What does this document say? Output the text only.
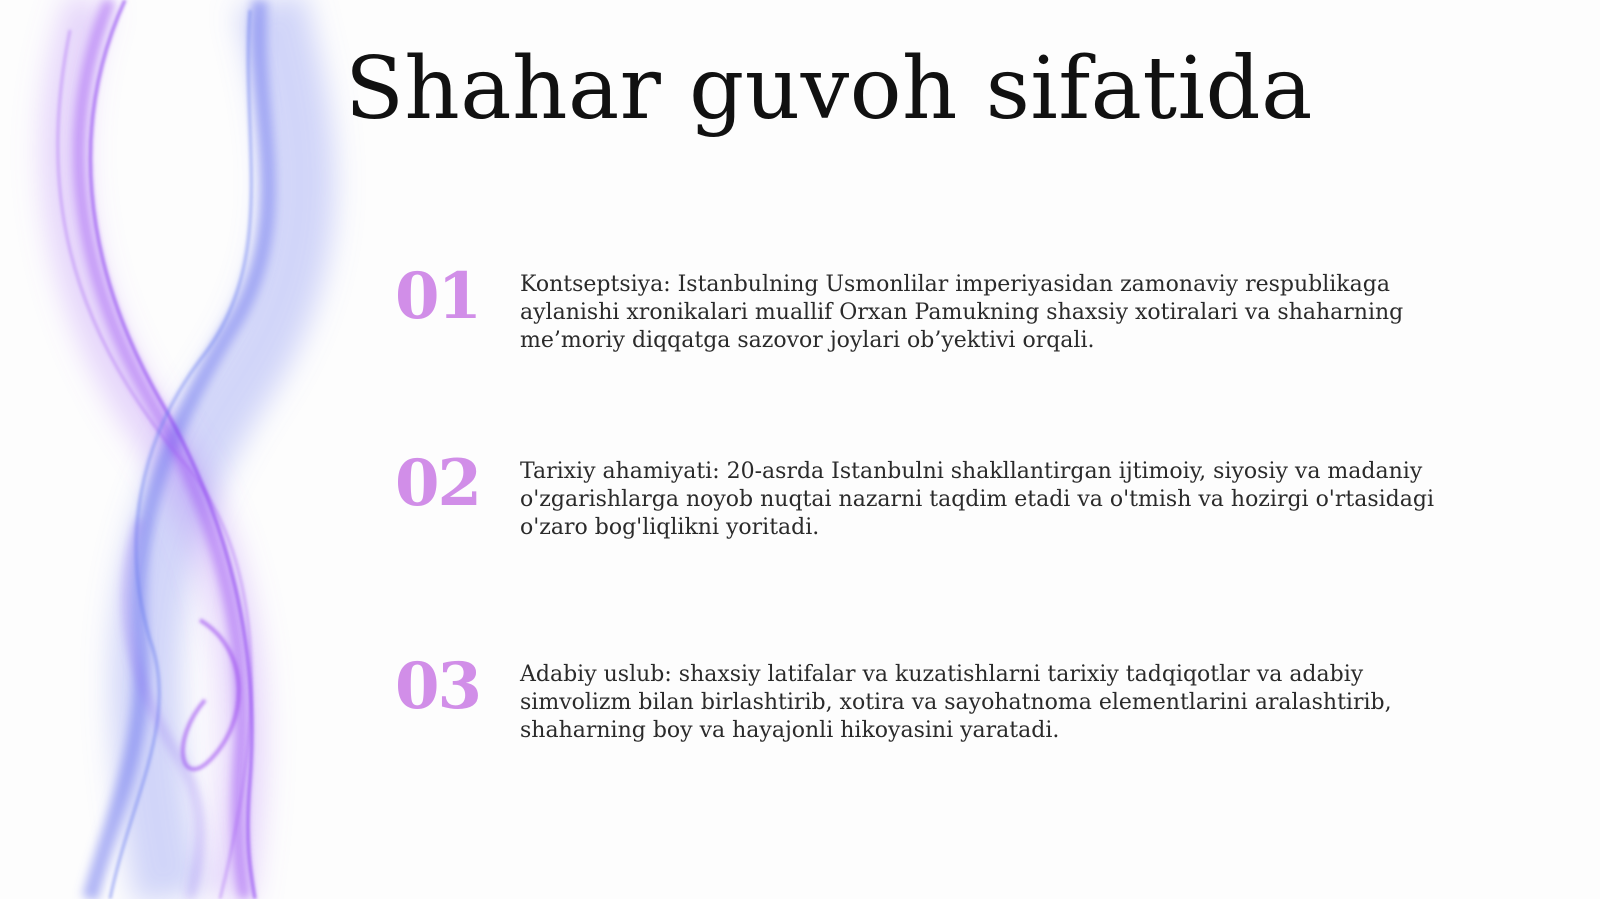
Shahar guvoh sifatida
01	Kontseptsiya: Istanbulning Usmonlilar imperiyasidan zamonaviy respublikaga aylanishi xronikalari muallif Orxan Pamukning shaxsiy xotiralari va shaharning me’moriy diqqatga sazovor joylari ob’yektivi orqali.
02	Tarixiy ahamiyati: 20-asrda Istanbulni shakllantirgan ijtimoiy, siyosiy va madaniy o'zgarishlarga noyob nuqtai nazarni taqdim etadi va o'tmish va hozirgi o'rtasidagi o'zaro bog'liqlikni yoritadi.
03	Adabiy uslub: shaxsiy latifalar va kuzatishlarni tarixiy tadqiqotlar va adabiy simvolizm bilan birlashtirib, xotira va sayohatnoma elementlarini aralashtirib, shaharning boy va hayajonli hikoyasini yaratadi.
